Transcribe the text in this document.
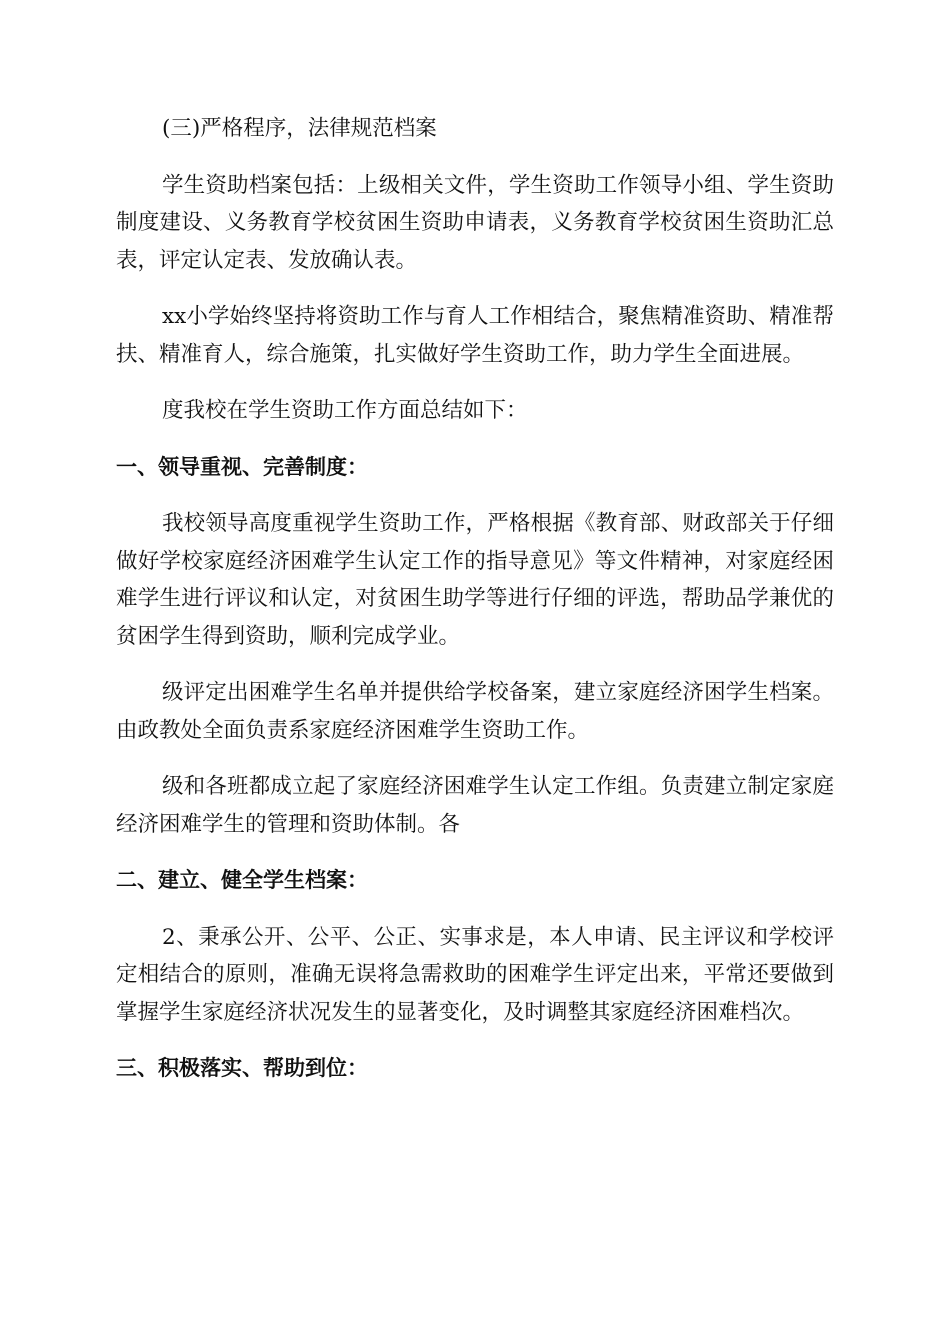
(三)严格程序，法律规范档案

学生资助档案包括：上级相关文件，学生资助工作领导小组、学生资助制度建设、义务教育学校贫困生资助申请表，义务教育学校贫困生资助汇总表，评定认定表、发放确认表。

xx小学始终坚持将资助工作与育人工作相结合，聚焦精准资助、精准帮扶、精准育人，综合施策，扎实做好学生资助工作，助力学生全面进展。

度我校在学生资助工作方面总结如下：

一、领导重视、完善制度：

我校领导高度重视学生资助工作，严格根据《教育部、财政部关于仔细做好学校家庭经济困难学生认定工作的指导意见》等文件精神，对家庭经困难学生进行评议和认定，对贫困生助学等进行仔细的评选，帮助品学兼优的贫困学生得到资助，顺利完成学业。

级评定出困难学生名单并提供给学校备案，建立家庭经济困学生档案。由政教处全面负责系家庭经济困难学生资助工作。

级和各班都成立起了家庭经济困难学生认定工作组。负责建立制定家庭经济困难学生的管理和资助体制。各

二、建立、健全学生档案：

2、秉承公开、公平、公正、实事求是，本人申请、民主评议和学校评定相结合的原则，准确无误将急需救助的困难学生评定出来，平常还要做到掌握学生家庭经济状况发生的显著变化，及时调整其家庭经济困难档次。

三、积极落实、帮助到位：
